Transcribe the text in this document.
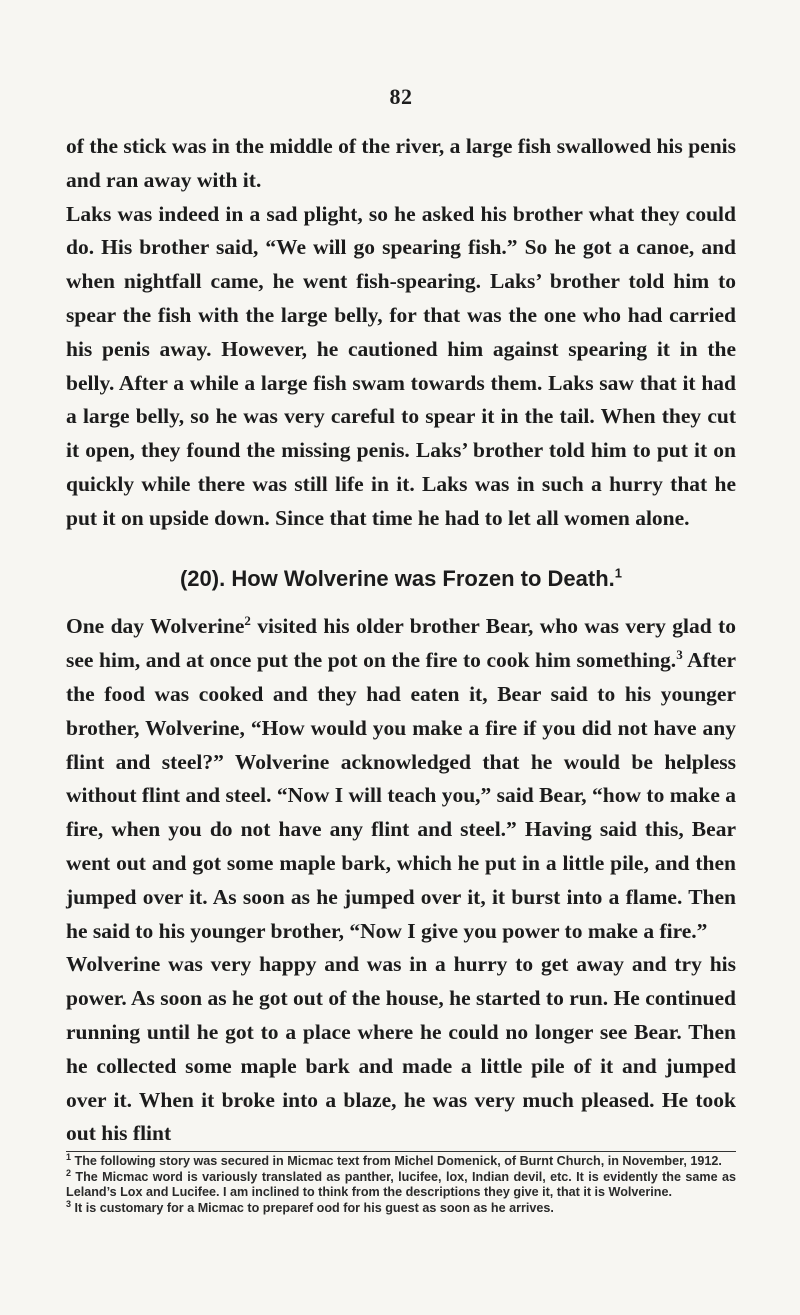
82

of the stick was in the middle of the river, a large fish swallowed his penis and ran away with it.

Laks was indeed in a sad plight, so he asked his brother what they could do. His brother said, “We will go spearing fish.” So he got a canoe, and when nightfall came, he went fish-spearing. Laks’ brother told him to spear the fish with the large belly, for that was the one who had carried his penis away. However, he cautioned him against spearing it in the belly. After a while a large fish swam towards them. Laks saw that it had a large belly, so he was very careful to spear it in the tail. When they cut it open, they found the missing penis. Laks’ brother told him to put it on quickly while there was still life in it. Laks was in such a hurry that he put it on upside down. Since that time he had to let all women alone.

(20). How Wolverine was Frozen to Death.$^1$

One day Wolverine$^2$ visited his older brother Bear, who was very glad to see him, and at once put the pot on the fire to cook him something.$^3$ After the food was cooked and they had eaten it, Bear said to his younger brother, Wolverine, “How would you make a fire if you did not have any flint and steel?” Wolverine acknowledged that he would be helpless without flint and steel. “Now I will teach you,” said Bear, “how to make a fire, when you do not have any flint and steel.” Having said this, Bear went out and got some maple bark, which he put in a little pile, and then jumped over it. As soon as he jumped over it, it burst into a flame. Then he said to his younger brother, “Now I give you power to make a fire.”

Wolverine was very happy and was in a hurry to get away and try his power. As soon as he got out of the house, he started to run. He continued running until he got to a place where he could no longer see Bear. Then he collected some maple bark and made a little pile of it and jumped over it. When it broke into a blaze, he was very much pleased. He took out his flint

$^1$ The following story was secured in Micmac text from Michel Domenick, of Burnt Church, in November, 1912.

$^2$ The Micmac word is variously translated as panther, lucifee, lox, Indian devil, etc. It is evidently the same as Leland’s Lox and Lucifee. I am inclined to think from the descriptions they give it, that it is Wolverine.

$^3$ It is customary for a Micmac to preparef ood for his guest as soon as he arrives.
